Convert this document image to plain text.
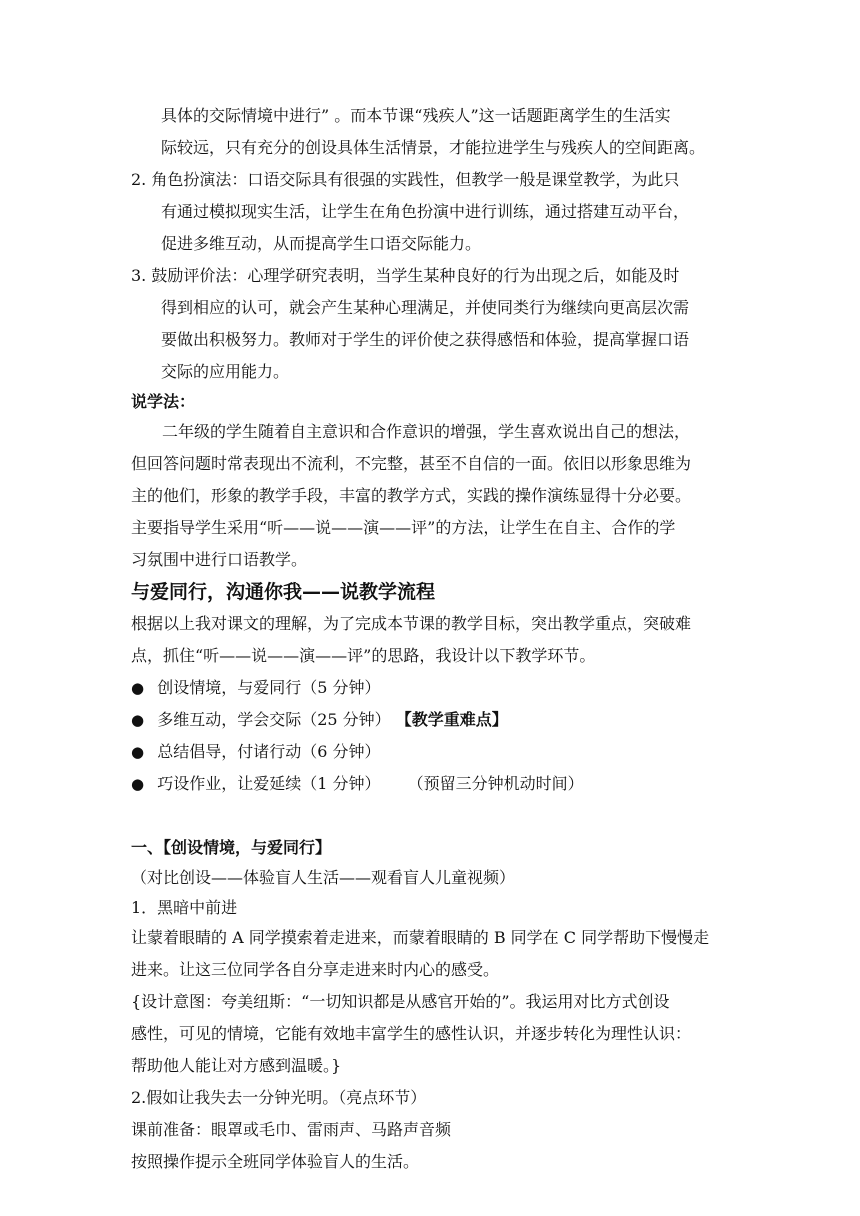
具体的交际情境中进行” 。而本节课“残疾人”这一话题距离学生的生活实
际较远，只有充分的创设具体生活情景，才能拉进学生与残疾人的空间距离。
2. 角色扮演法：口语交际具有很强的实践性，但教学一般是课堂教学，为此只
有通过模拟现实生活，让学生在角色扮演中进行训练，通过搭建互动平台，
促进多维互动，从而提高学生口语交际能力。
3. 鼓励评价法：心理学研究表明，当学生某种良好的行为出现之后，如能及时
得到相应的认可，就会产生某种心理满足，并使同类行为继续向更高层次需
要做出积极努力。教师对于学生的评价使之获得感悟和体验，提高掌握口语
交际的应用能力。
说学法：
二年级的学生随着自主意识和合作意识的增强，学生喜欢说出自己的想法，
但回答问题时常表现出不流利，不完整，甚至不自信的一面。依旧以形象思维为
主的他们，形象的教学手段，丰富的教学方式，实践的操作演练显得十分必要。
主要指导学生采用“听——说——演——评”的方法，让学生在自主、合作的学
习氛围中进行口语教学。
与爱同行，沟通你我——说教学流程
根据以上我对课文的理解，为了完成本节课的教学目标，突出教学重点，突破难
点，抓住“听——说——演——评”的思路，我设计以下教学环节。
● 创设情境，与爱同行（5 分钟）
● 多维互动，学会交际（25 分钟） 【教学重难点】
● 总结倡导，付诸行动（6 分钟）
● 巧设作业，让爱延续（1 分钟） （预留三分钟机动时间）
一、【创设情境，与爱同行】
（对比创设——体验盲人生活——观看盲人儿童视频）
1．黑暗中前进
让蒙着眼睛的 A 同学摸索着走进来，而蒙着眼睛的 B 同学在 C 同学帮助下慢慢走
进来。让这三位同学各自分享走进来时内心的感受。
{设计意图：夸美纽斯：“一切知识都是从感官开始的”。我运用对比方式创设
感性，可见的情境，它能有效地丰富学生的感性认识，并逐步转化为理性认识：
帮助他人能让对方感到温暖。}
2.假如让我失去一分钟光明。（亮点环节）
课前准备：眼罩或毛巾、雷雨声、马路声音频
按照操作提示全班同学体验盲人的生活。
